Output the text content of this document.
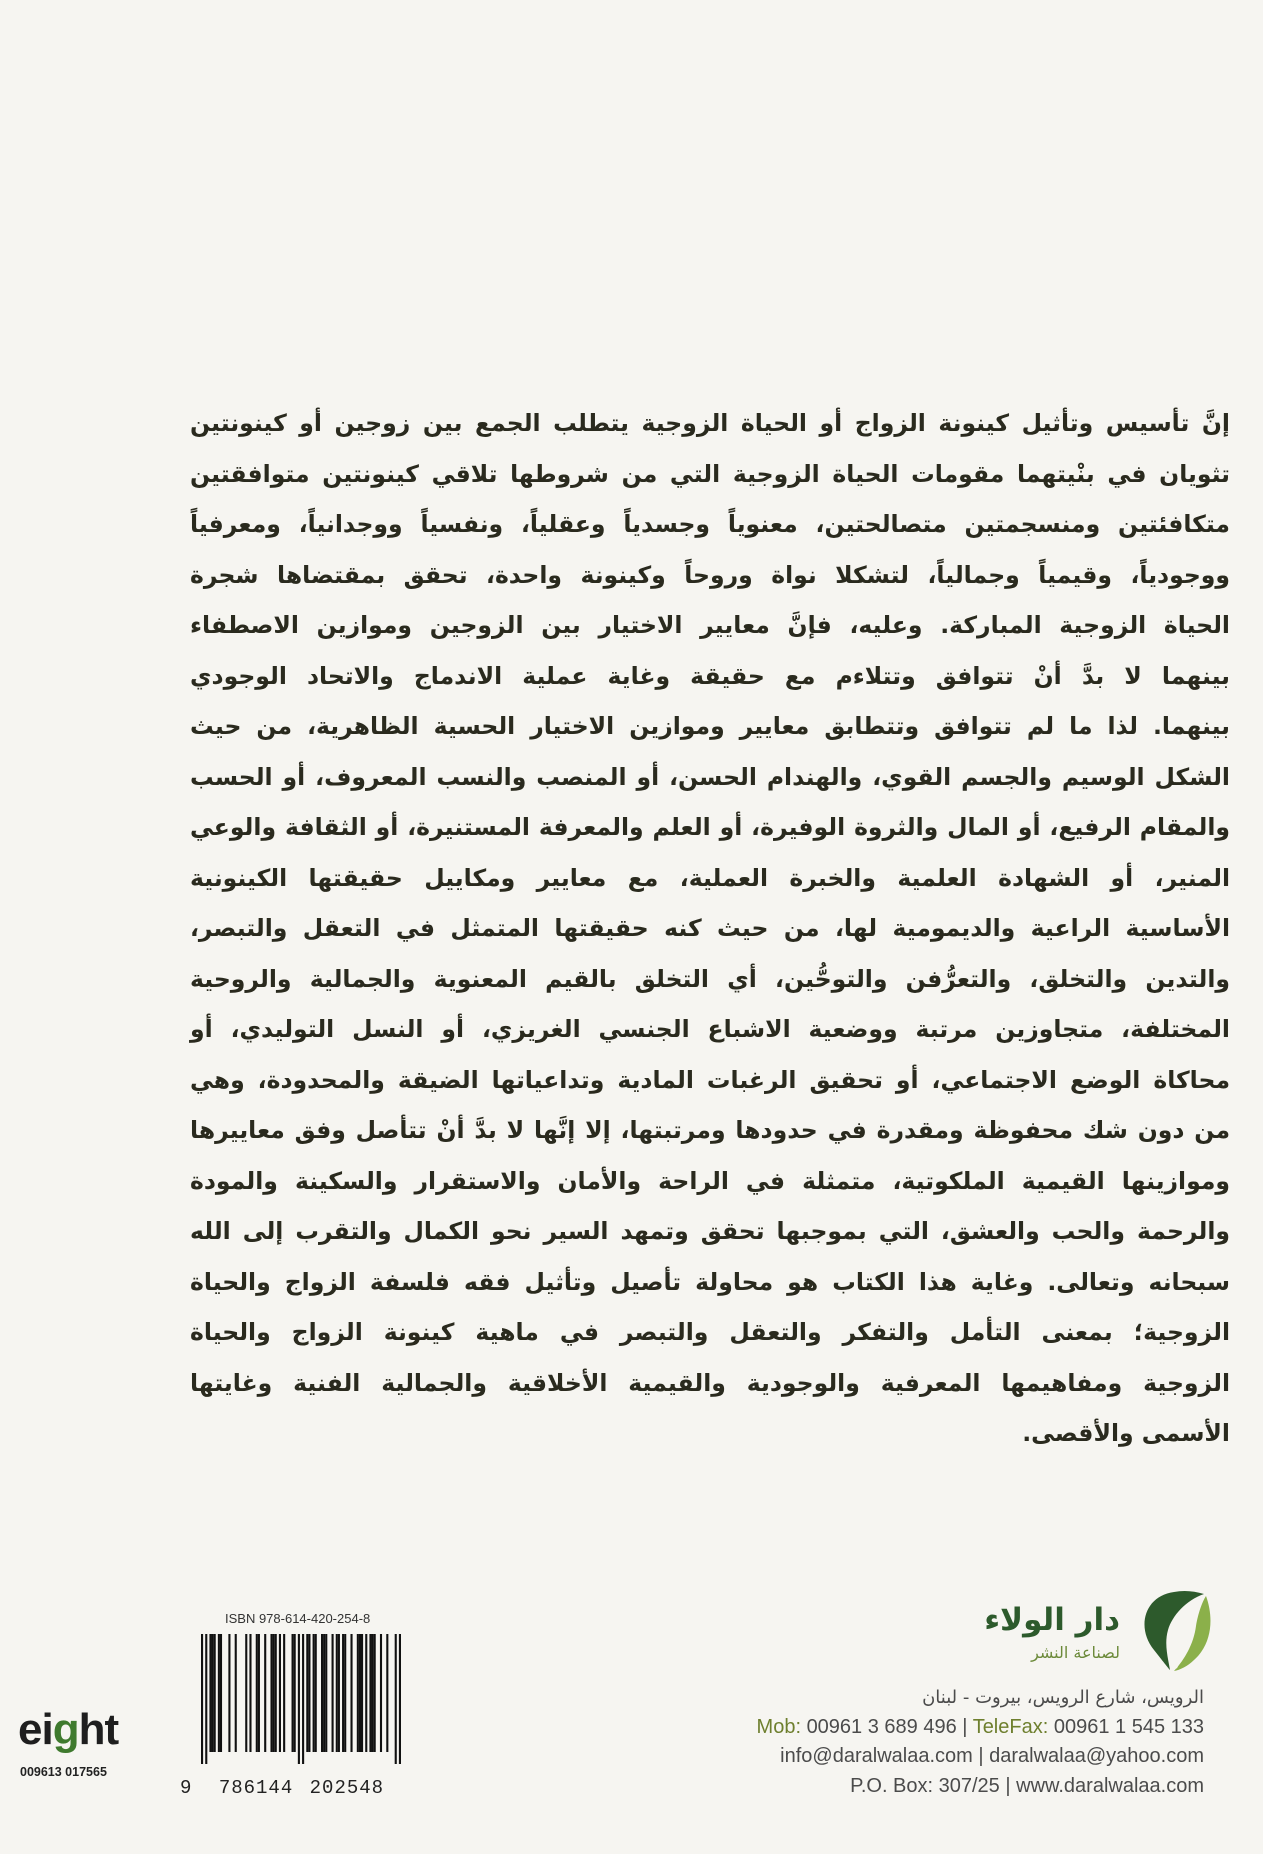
إنَّ تأسيس وتأثيل كينونة الزواج أو الحياة الزوجية يتطلب الجمع بين زوجين أو كينونتين
تثويان في بنْيتهما مقومات الحياة الزوجية التي من شروطها تلاقي كينونتين متوافقتين
متكافئتين ومنسجمتين متصالحتين، معنوياً وجسدياً وعقلياً، ونفسياً ووجدانياً، ومعرفياً
ووجودياً، وقيمياً وجمالياً، لتشكلا نواة وروحاً وكينونة واحدة، تحقق بمقتضاها شجرة
الحياة الزوجية المباركة. وعليه، فإنَّ معايير الاختيار بين الزوجين وموازين الاصطفاء
بينهما لا بدَّ أنْ تتوافق وتتلاءم مع حقيقة وغاية عملية الاندماج والاتحاد الوجودي
بينهما. لذا ما لم تتوافق وتتطابق معايير وموازين الاختيار الحسية الظاهرية، من حيث
الشكل الوسيم والجسم القوي، والهندام الحسن، أو المنصب والنسب المعروف، أو الحسب
والمقام الرفيع، أو المال والثروة الوفيرة، أو العلم والمعرفة المستنيرة، أو الثقافة والوعي
المنير، أو الشهادة العلمية والخبرة العملية، مع معايير ومكاييل حقيقتها الكينونية
الأساسية الراعية والديمومية لها، من حيث كنه حقيقتها المتمثل في التعقل والتبصر،
والتدين والتخلق، والتعرُّفن والتوحُّين، أي التخلق بالقيم المعنوية والجمالية والروحية
المختلفة، متجاوزين مرتبة ووضعية الاشباع الجنسي الغريزي، أو النسل التوليدي، أو
محاكاة الوضع الاجتماعي، أو تحقيق الرغبات المادية وتداعياتها الضيقة والمحدودة، وهي
من دون شك محفوظة ومقدرة في حدودها ومرتبتها، إلا إنَّها لا بدَّ أنْ تتأصل وفق معاييرها
وموازينها القيمية الملكوتية، متمثلة في الراحة والأمان والاستقرار والسكينة والمودة
والرحمة والحب والعشق، التي بموجبها تحقق وتمهد السير نحو الكمال والتقرب إلى الله
سبحانه وتعالى. وغاية هذا الكتاب هو محاولة تأصيل وتأثيل فقه فلسفة الزواج والحياة
الزوجية؛ بمعنى التأمل والتفكر والتعقل والتبصر في ماهية كينونة الزواج والحياة
الزوجية ومفاهيمها المعرفية والوجودية والقيمية الأخلاقية والجمالية الفنية وغايتها
الأسمى والأقصى.
دار الولاء
لصناعة النشر
الرويس، شارع الرويس، بيروت - لبنان
Mob: 00961 3 689 496 | TeleFax: 00961 1 545 133
info@daralwalaa.com | daralwalaa@yahoo.com
P.O. Box: 307/25 | www.daralwalaa.com
ISBN 978-614-420-254-8
9 786144 202548
eight
009613 017565
